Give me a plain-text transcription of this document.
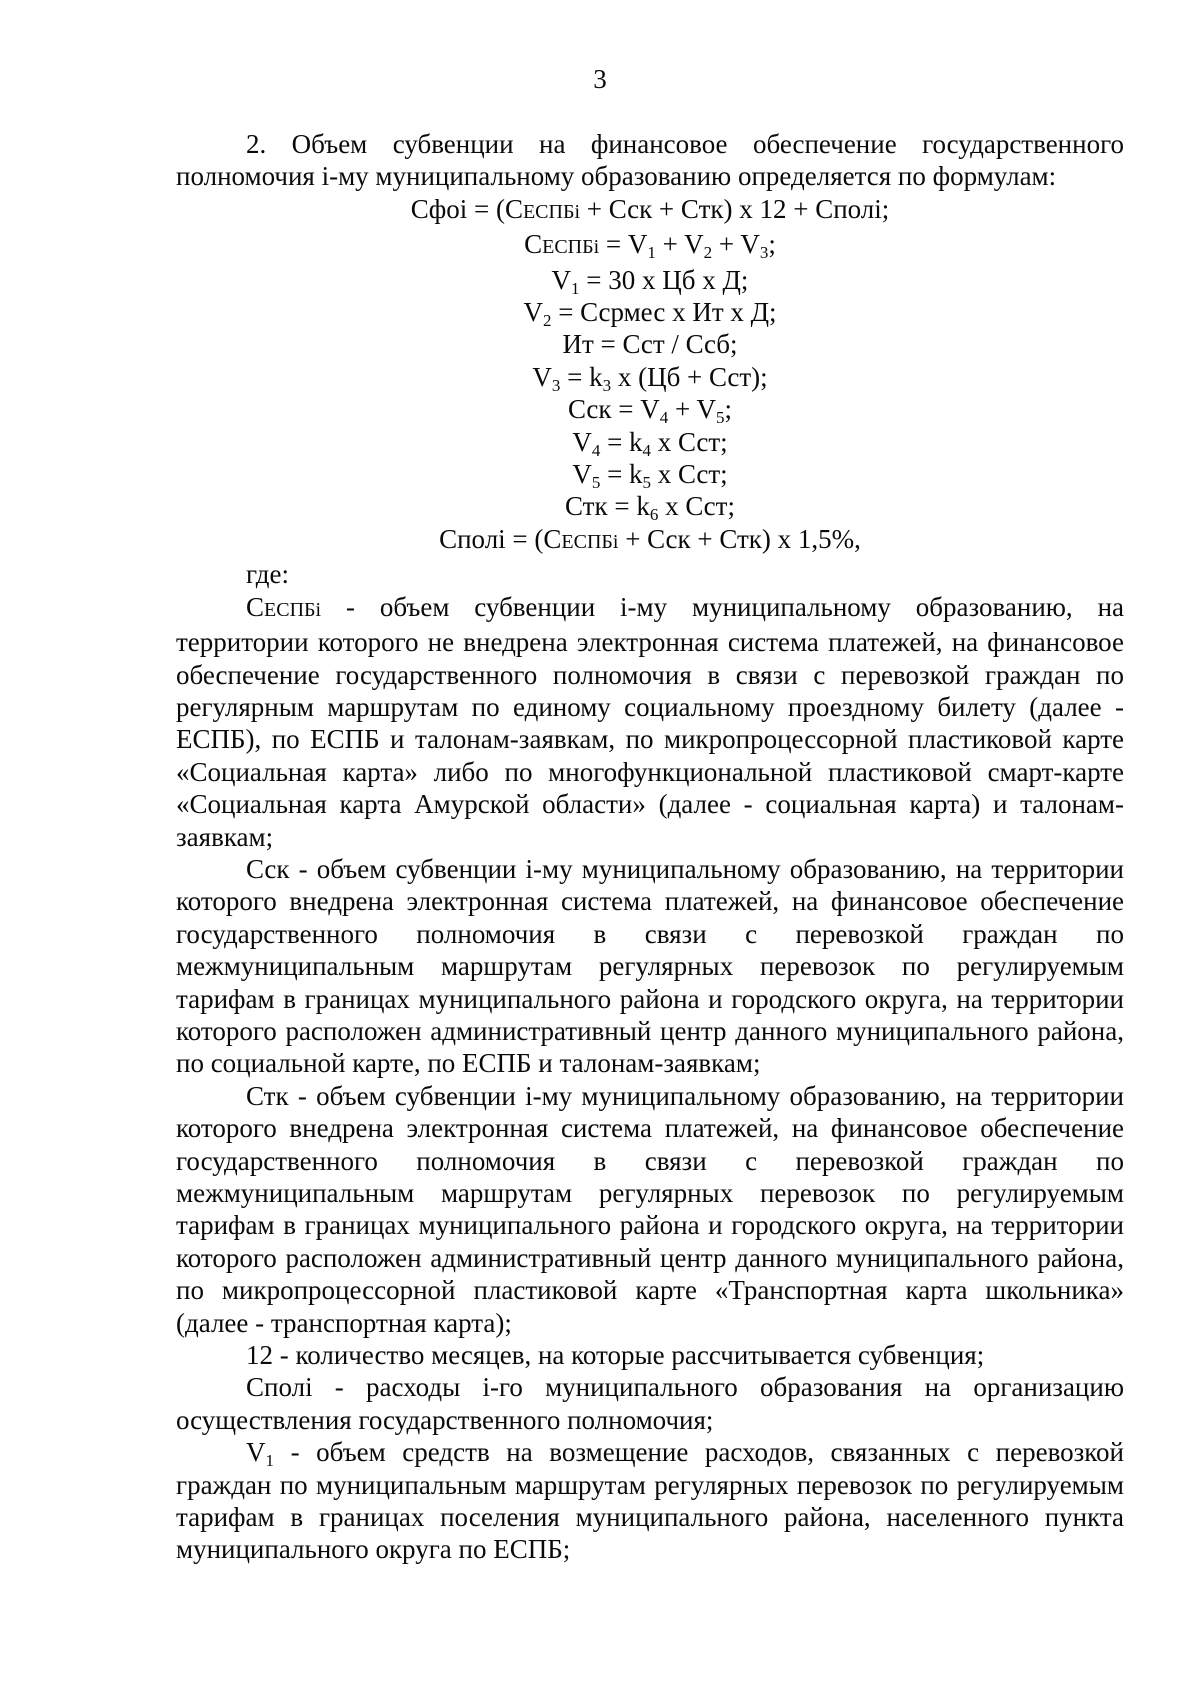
3

2. Объем субвенции на финансовое обеспечение государственного полномочия i-му муниципальному образованию определяется по формулам:

Сфоі = (СЕСПБі + Сск + Стк) x 12 + Сполі;
СЕСПБі = $V_1 + V_2 + V_3$;
$V_1 = 30$ x Цб x Д;
$V_2$ = Ссрмес x Ит x Д;
Ит = Сст / Ссб;
$V_3 = k_3$ x (Цб + Сст);
Сск = $V_4 + V_5$;
$V_4 = k_4$ x Сст;
$V_5 = k_5$ x Сст;
Стк = $k_6$ x Сст;
Сполі = (СЕСПБі + Сск + Стк) x 1,5%,

где:

СЕСПБі - объем субвенции i-му муниципальному образованию, на территории которого не внедрена электронная система платежей, на финансовое обеспечение государственного полномочия в связи с перевозкой граждан по регулярным маршрутам по единому социальному проездному билету (далее - ЕСПБ), по ЕСПБ и талонам-заявкам, по микропроцессорной пластиковой карте «Социальная карта» либо по многофункциональной пластиковой смарт-карте «Социальная карта Амурской области» (далее - социальная карта) и талонам-заявкам;

Сск - объем субвенции i-му муниципальному образованию, на территории которого внедрена электронная система платежей, на финансовое обеспечение государственного полномочия в связи с перевозкой граждан по межмуниципальным маршрутам регулярных перевозок по регулируемым тарифам в границах муниципального района и городского округа, на территории которого расположен административный центр данного муниципального района, по социальной карте, по ЕСПБ и талонам-заявкам;

Стк - объем субвенции i-му муниципальному образованию, на территории которого внедрена электронная система платежей, на финансовое обеспечение государственного полномочия в связи с перевозкой граждан по межмуниципальным маршрутам регулярных перевозок по регулируемым тарифам в границах муниципального района и городского округа, на территории которого расположен административный центр данного муниципального района, по микропроцессорной пластиковой карте «Транспортная карта школьника» (далее - транспортная карта);

12 - количество месяцев, на которые рассчитывается субвенция;

Сполі - расходы i-го муниципального образования на организацию осуществления государственного полномочия;

$V_1$ - объем средств на возмещение расходов, связанных с перевозкой граждан по муниципальным маршрутам регулярных перевозок по регулируемым тарифам в границах поселения муниципального района, населенного пункта муниципального округа по ЕСПБ;
